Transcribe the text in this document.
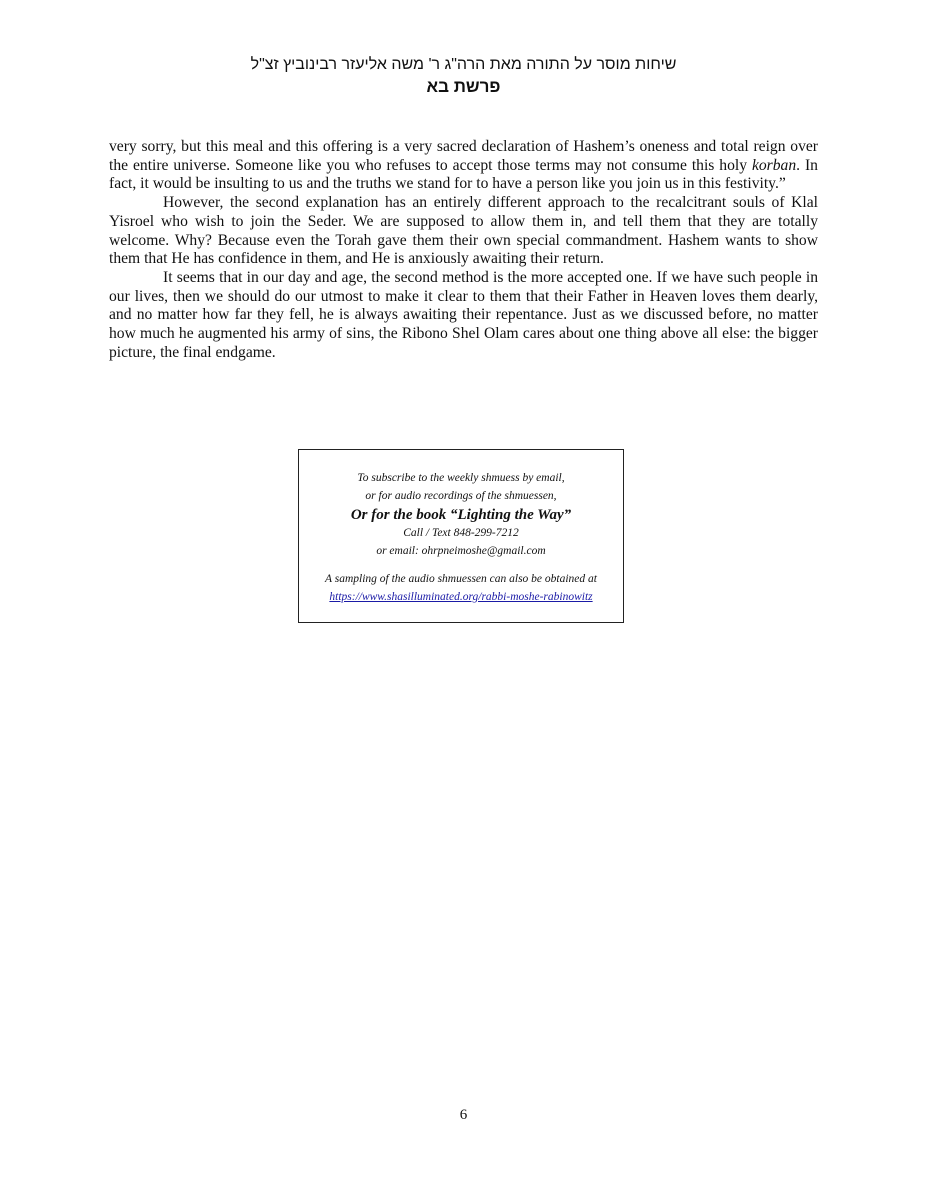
שיחות מוסר על התורה מאת הרה"ג ר' משה אליעזר רבינוביץ זצ"ל
פרשת בא

very sorry, but this meal and this offering is a very sacred declaration of Hashem’s oneness and total reign over the entire universe. Someone like you who refuses to accept those terms may not consume this holy korban. In fact, it would be insulting to us and the truths we stand for to have a person like you join us in this festivity.”

However, the second explanation has an entirely different approach to the recalcitrant souls of Klal Yisroel who wish to join the Seder. We are supposed to allow them in, and tell them that they are totally welcome. Why? Because even the Torah gave them their own special commandment. Hashem wants to show them that He has confidence in them, and He is anxiously awaiting their return.

It seems that in our day and age, the second method is the more accepted one. If we have such people in our lives, then we should do our utmost to make it clear to them that their Father in Heaven loves them dearly, and no matter how far they fell, he is always awaiting their repentance. Just as we discussed before, no matter how much he augmented his army of sins, the Ribono Shel Olam cares about one thing above all else: the bigger picture, the final endgame.

To subscribe to the weekly shmuess by email,
or for audio recordings of the shmuessen,
Or for the book “Lighting the Way”
Call / Text 848-299-7212
or email: ohrpneimoshe@gmail.com
A sampling of the audio shmuessen can also be obtained at
https://www.shasilluminated.org/rabbi-moshe-rabinowitz
6
